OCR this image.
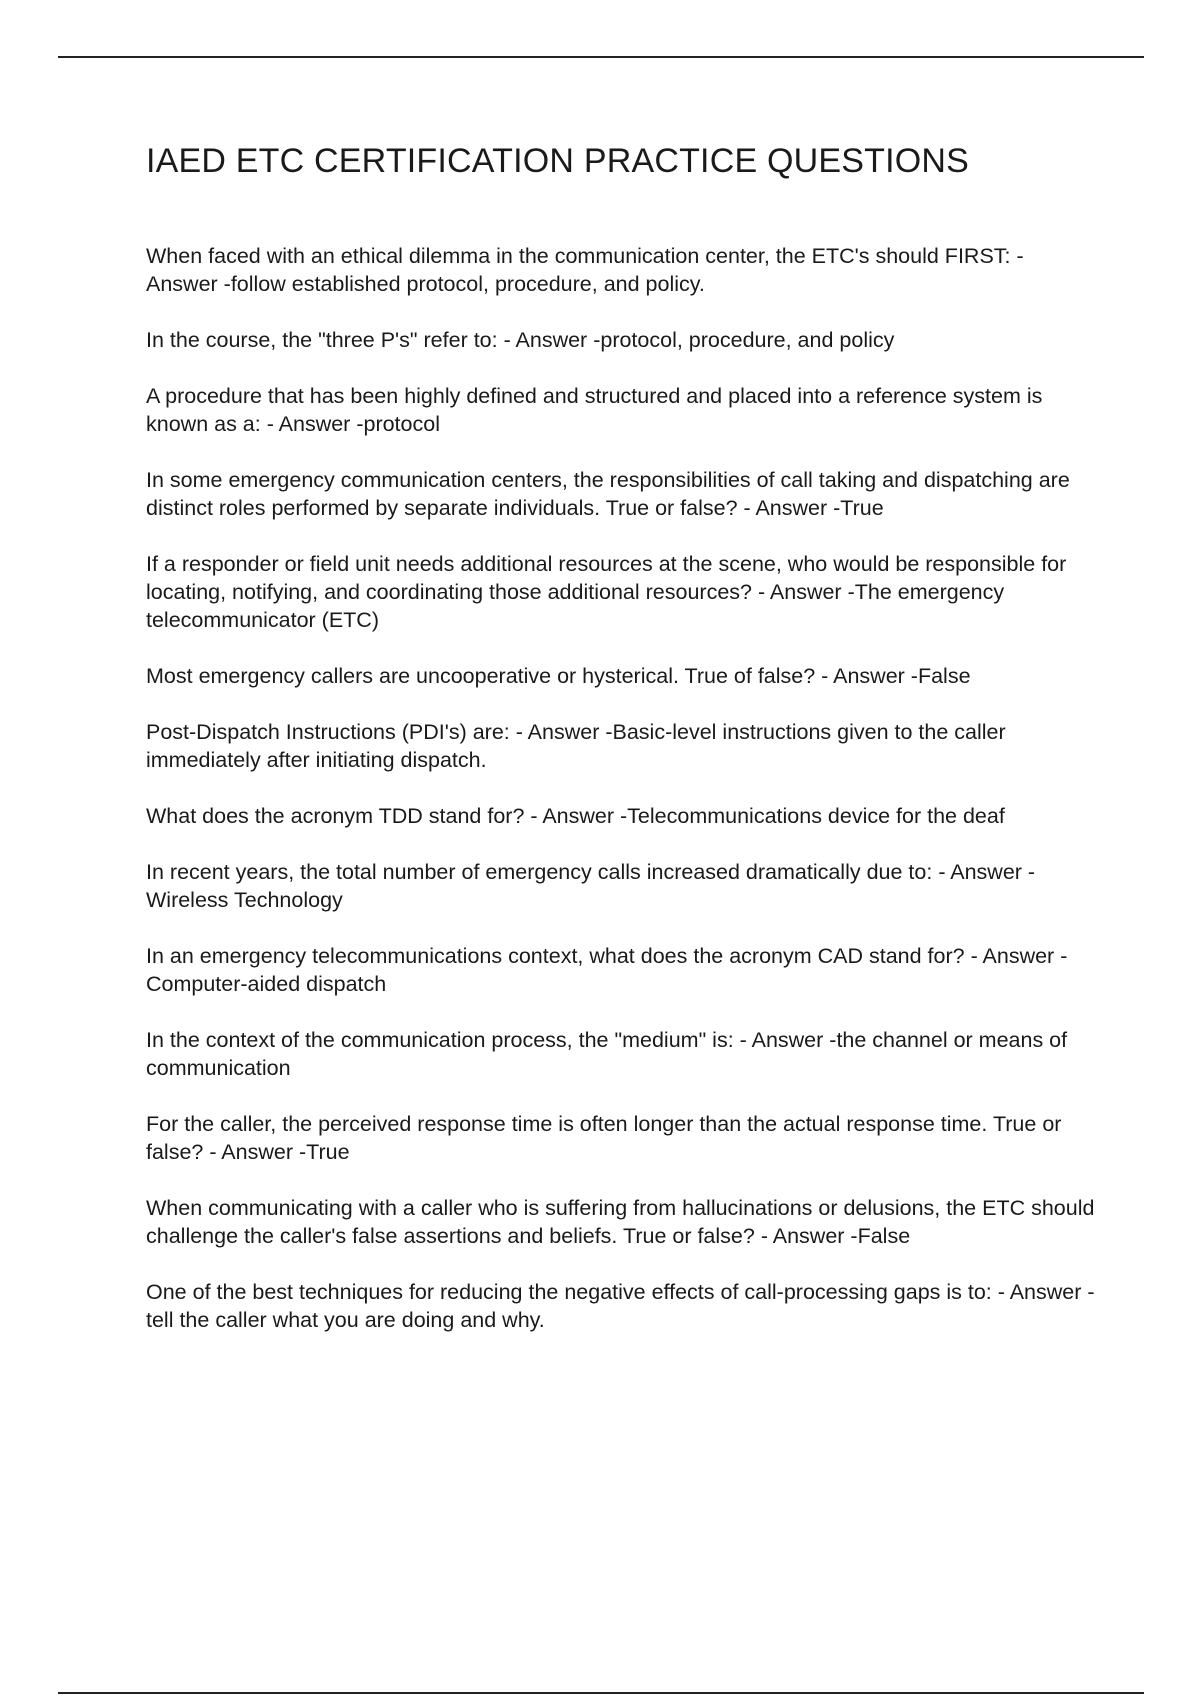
IAED ETC CERTIFICATION PRACTICE QUESTIONS
When faced with an ethical dilemma in the communication center, the ETC's should FIRST: - Answer -follow established protocol, procedure, and policy.
In the course, the "three P's" refer to: - Answer -protocol, procedure, and policy
A procedure that has been highly defined and structured and placed into a reference system is known as a: - Answer -protocol
In some emergency communication centers, the responsibilities of call taking and dispatching are distinct roles performed by separate individuals. True or false? - Answer -True
If a responder or field unit needs additional resources at the scene, who would be responsible for locating, notifying, and coordinating those additional resources? - Answer -The emergency telecommunicator (ETC)
Most emergency callers are uncooperative or hysterical. True of false? - Answer -False
Post-Dispatch Instructions (PDI's) are: - Answer -Basic-level instructions given to the caller immediately after initiating dispatch.
What does the acronym TDD stand for? - Answer -Telecommunications device for the deaf
In recent years, the total number of emergency calls increased dramatically due to: - Answer -Wireless Technology
In an emergency telecommunications context, what does the acronym CAD stand for? - Answer -Computer-aided dispatch
In the context of the communication process, the "medium" is: - Answer -the channel or means of communication
For the caller, the perceived response time is often longer than the actual response time. True or false? - Answer -True
When communicating with a caller who is suffering from hallucinations or delusions, the ETC should challenge the caller's false assertions and beliefs. True or false? - Answer -False
One of the best techniques for reducing the negative effects of call-processing gaps is to: - Answer -tell the caller what you are doing and why.
